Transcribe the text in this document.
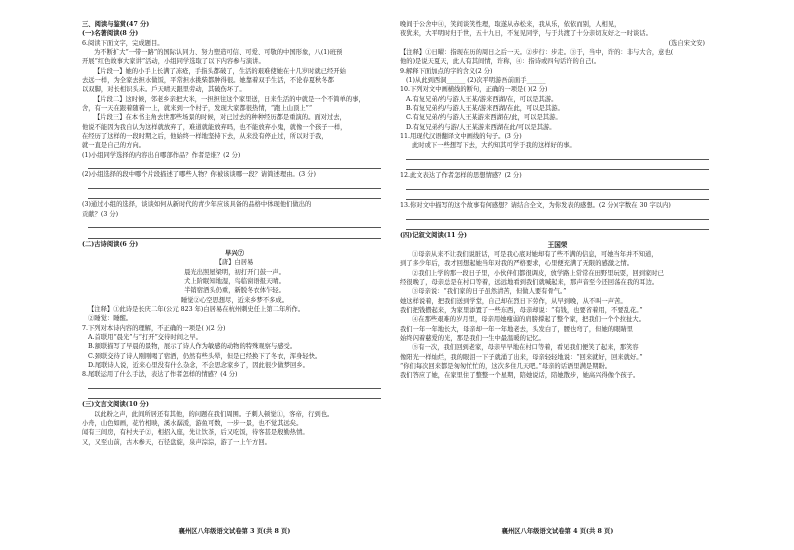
三、阅读与鉴赏(47 分)
(一)名著阅读(8 分)
6.阅读下面文字，完成题目。
为不断扩大“一带一路”的国际认同力、努力塑造可信、可爱、可敬的中国形象，八(1)班预
开展“红色故事大家讲”活动，小组同学选取了以下内容参与演讲。
【片段一】她的小手上长满了冻疮，手指头都破了，生活的艰难使她在十几岁时就已经开始
去远一样，为全家去担水做饭，平常担水挑柴都肿得很。她靠着双手生活，不论春夏秋冬都
以双脚，对长相识头未。戶天晴天跟里劳动，其破伤坏了。
【片段二】这时候，邻老乡亲把大米，一担担往这个家里送，日来生活的中就是一个不简单的事，
舍，有一天在跟着随着一上，就来到一个村子，发现大家都很热情，“跑上山顶上”“
【片段三】在本书主角去世那些场景的时候，对已过去的种种经历都是重演的。面对过去，
他说不能因为我自认为这样就放弃了，难道就能放弃吗，也不能放弃小鬼，就像一个孩子一样，
在经历了这样的一段时期之后，他始终一样地坚持下去，从来没有停止过，所以对于我，
就一直是自己的方向。
(1)小组同学选择的内容出自哪部作品？作者是谁？(2 分)
(2)小组选择的段中哪个片段描述了哪些人物？你被该谈哪一段？请简述理由。(3 分)
(3)通过小组的选择，谈谈如何从新时代的青少年应该具备的品格中体现他们做出的
贡献？(3 分)
(二)古诗阅读(6 分)
早兴⑦
【唐】白居易
晨光出照屋梁明，初打开门鼓一声。
犬上阶眠知地湿，鸟临窗语报天晴。
半销宿酒头仍重，新脱冬衣体乍轻。
睡觉②心空思想尽，近来乡梦不多成。
【注释】①此诗是长庆二年(公元 823 年)白居易在杭州刺史任上第二年所作。
②睡觉：睡醒。
7.下列对本诗内容的理解，不正确的一项是( )(2 分)
A.首联用“晨光”与“打开”交待时间之早。
B.颔联描写了早晨的景物，展示了诗人作为敏感的动物的特殊观察与感受。
C.颈联交待了诗人刚刚喝了宿酒，仍然有些头晕，但是已经换下了冬衣，浑身轻快。
D.尾联诗人说，近来心里没有什么杂念，不会思念家乡了，因此很少做梦回乡。
8.尾联运用了什么手法，表达了作者怎样的情感？(4 分)
(三)文言文阅读(10 分)
以此粉之声，此间所居还有其他，的问题在我们周围。子刺人顿觉①，客帝，行到也。
小舟，山色如画，花竹相映，溪水潺湲，游鱼可数，一步一景，也不觉其远矣。
闻有三间房，有村夫子②，相招入座，先让饮茶，后又吃饭，待客甚是殷勤热情。
又，又至山前，古木参天，石径盘旋，泉声淙淙，游了一上午方回。
襄州区八年级语文试卷第 3 页(共 8 页)
晚间于公舍中④，笑间谈笑性理，取遂从赤松来，我从乐，依依而别，人相见，
夜犹来，大平明时归于世，五十九日，不复见同学，与于共渡了十分亲切友好之一时谈话。
(选自宋文安)
【注释】①日曜：指现在历的周日之后一天。②步行：步走。③于，当中，许的：非与大合，意也(
他的)是说天夏天，此人有其间情，许称，④：指诗或四句话许的自己(。
9.解释下面加点的字的含义(2 分)
(1)从此到西洞______ (2)次平明游吾前面手______
10.下列对文中画横线的断句，正确的一项是( )(2 分)
A.有复兄弟/约与游人王某/游来西湖/在，可以是其游。
B.有复兄弟约/与游人王某/游来西湖/在此，可以是其游。
C.有复兄弟/约与游人王某游来西湖在/此，可以是其游。
D.有复兄弟约与游/人王某游来西湖在此/可以是其游。
11.用现代汉语翻译文中画线的句子。(3 分)
此时或下一些想写下去，大约知其可学于我的这样好的事。
12.此文表达了作者怎样的思想情感？(2 分)
13.你对文中描写的这个故事有何感想？请结合全文，为你发表的感想。(2 分)(字数在 30 字以内)
(四)记叙文阅读(11 分)
王国荣
①母亲从来不让我们说脏话，可是我心底对她却有了些不满的信息，可她当年并不知道，
到了多少年后，我才回想起她当年对我的严格要求，心里便充满了无限的感激之情。
②我们上学的那一段日子里，小伙伴们都很调皮，放学路上常常在田野里玩耍，回到家时已
经很晚了，母亲总是在村口等着，远远地看到我们就喊起来，那声音至今还回荡在我的耳边。
③母亲说：“我们家的日子虽然清苦，但做人要有骨气。”
她这样说着，把我们送到学堂，自己却在烈日下劳作，从早到晚，从不叫一声苦。
我们把钱攒起来，为家里添置了一些东西，母亲却说：“有钱，也要省着用，不要乱花。”
④在那些艰难的岁月里，母亲用她瘦弱的肩膀撑起了整个家，把我们一个个拉扯大。
我们一年一年地长大，母亲却一年一年地老去，头发白了，腰也弯了，但她的眼睛里
始终闪着慈爱的光，那是我们一生中最温暖的记忆。
⑤有一次，我们回到老家，母亲早早地在村口等着，看见我们便笑了起来，那笑容
像阳光一样灿烂，我的眼泪一下子就涌了出来，母亲轻轻地说：“回来就好，回来就好。”
“你们每次回来都是匆匆忙忙的，这次多住几天吧。”母亲的话语里满是期盼。
我们答应了她，在家里住了整整一个星期，陪她说话，陪她散步，她高兴得像个孩子。
襄州区八年级语文试卷第 4 页(共 8 页)
